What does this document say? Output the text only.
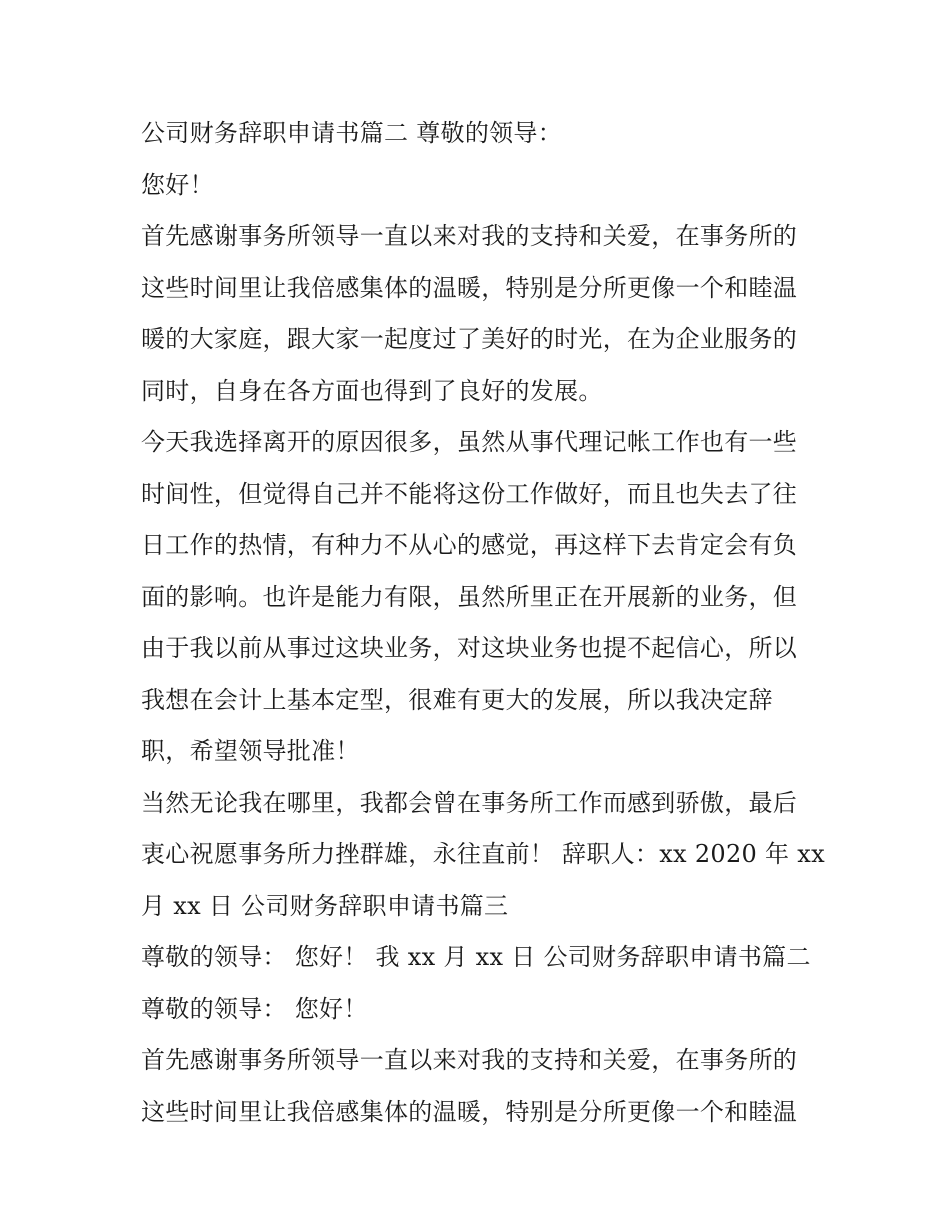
公司财务辞职申请书篇二 尊敬的领导：
您好！
首先感谢事务所领导一直以来对我的支持和关爱，在事务所的
这些时间里让我倍感集体的温暖，特别是分所更像一个和睦温
暖的大家庭，跟大家一起度过了美好的时光，在为企业服务的
同时，自身在各方面也得到了良好的发展。
今天我选择离开的原因很多，虽然从事代理记帐工作也有一些
时间性，但觉得自己并不能将这份工作做好，而且也失去了往
日工作的热情，有种力不从心的感觉，再这样下去肯定会有负
面的影响。也许是能力有限，虽然所里正在开展新的业务，但
由于我以前从事过这块业务，对这块业务也提不起信心，所以
我想在会计上基本定型，很难有更大的发展，所以我决定辞
职，希望领导批准！
当然无论我在哪里，我都会曾在事务所工作而感到骄傲，最后
衷心祝愿事务所力挫群雄，永往直前！ 辞职人：xx 2020 年 xx
月 xx 日 公司财务辞职申请书篇三
尊敬的领导： 您好！ 我 xx 月 xx 日 公司财务辞职申请书篇二
尊敬的领导： 您好！
首先感谢事务所领导一直以来对我的支持和关爱，在事务所的
这些时间里让我倍感集体的温暖，特别是分所更像一个和睦温
